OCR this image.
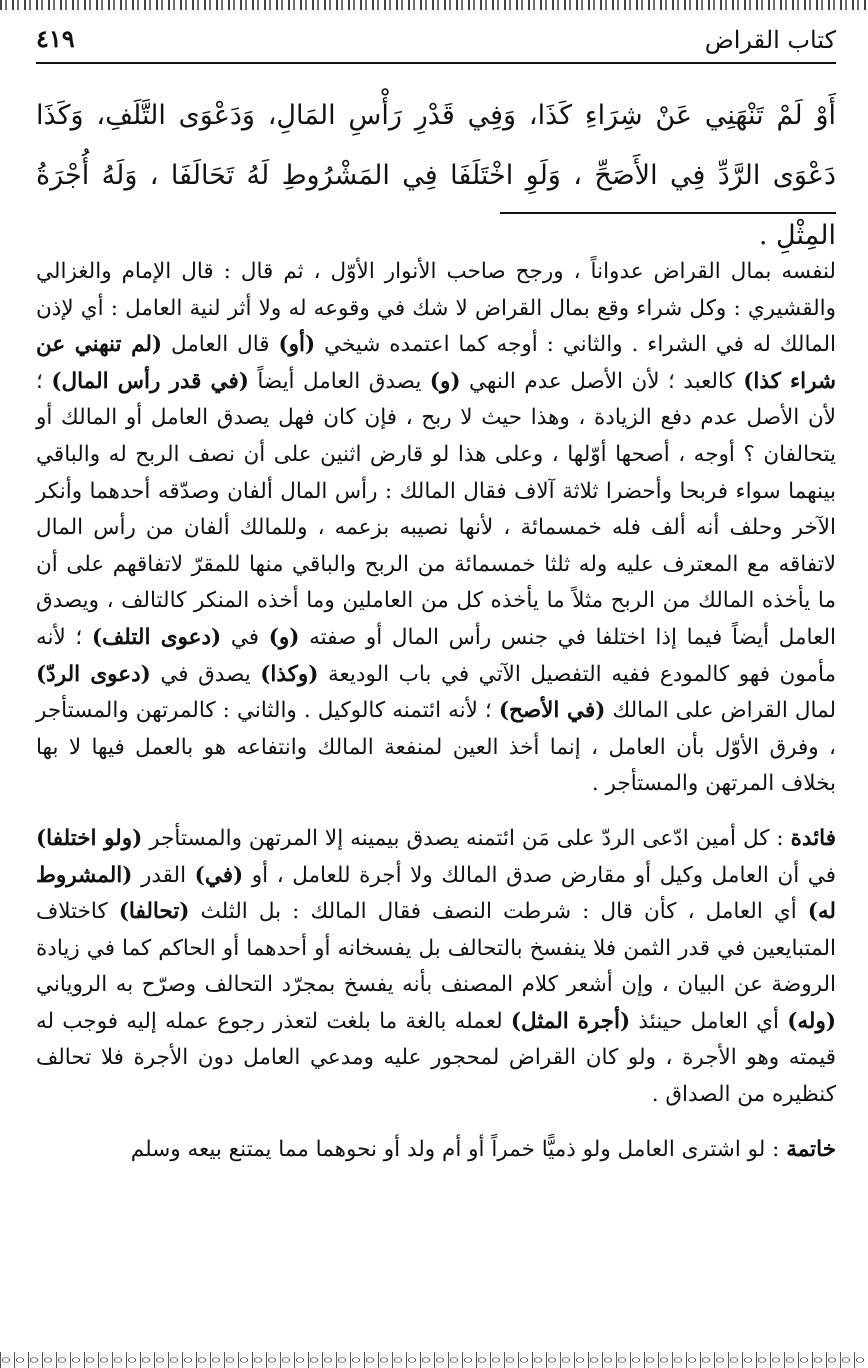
٤١٩	كتاب القراض
أَوْ لَمْ تَنْهَنِي عَنْ شِرَاءِ كَذَا، وَفِي قَدْرِ رَأْسِ المَالِ، وَدَعْوَى التَّلَفِ، وَكَذَا دَعْوَى الرَّدِّ فِي الأَصَحِّ ، وَلَوِ اخْتَلَفَا فِي المَشْرُوطِ لَهُ تَحَالَفَا ، وَلَهُ أُجْرَةُ المِثْلِ .

لنفسه بمال القراض عدواناً ، ورجح صاحب الأنوار الأوّل ، ثم قال : قال الإمام والغزالي والقشيري : وكل شراء وقع بمال القراض لا شك في وقوعه له ولا أثر لنية العامل : أي لإذن المالك له في الشراء . والثاني : أوجه كما اعتمده شيخي (أو) قال العامل (لم تنهني عن شراء كذا) كالعبد ؛ لأن الأصل عدم النهي (و) يصدق العامل أيضاً (في قدر رأس المال) ؛ لأن الأصل عدم دفع الزيادة ، وهذا حيث لا ربح ، فإن كان فهل يصدق العامل أو المالك أو يتحالفان ؟ أوجه ، أصحها أوّلها ، وعلى هذا لو قارض اثنين على أن نصف الربح له والباقي بينهما سواء فربحا وأحضرا ثلاثة آلاف فقال المالك : رأس المال ألفان وصدّقه أحدهما وأنكر الآخر وحلف أنه ألف فله خمسمائة ، لأنها نصيبه بزعمه ، وللمالك ألفان من رأس المال لاتفاقه مع المعترف عليه وله ثلثا خمسمائة من الربح والباقي منها للمقرّ لاتفاقهم على أن ما يأخذه المالك من الربح مثلاً ما يأخذه كل من العاملين وما أخذه المنكر كالتالف ، ويصدق العامل أيضاً فيما إذا اختلفا في جنس رأس المال أو صفته (و) في (دعوى التلف) ؛ لأنه مأمون فهو كالمودع ففيه التفصيل الآتي في باب الوديعة (وكذا) يصدق في (دعوى الردّ) لمال القراض على المالك (في الأصح) ؛ لأنه ائتمنه كالوكيل . والثاني : كالمرتهن والمستأجر ، وفرق الأوّل بأن العامل ، إنما أخذ العين لمنفعة المالك وانتفاعه هو بالعمل فيها لا بها بخلاف المرتهن والمستأجر .

فائدة : كل أمين ادّعى الردّ على مَن ائتمنه يصدق بيمينه إلا المرتهن والمستأجر (ولو اختلفا) في أن العامل وكيل أو مقارض صدق المالك ولا أجرة للعامل ، أو (في) القدر (المشروط له) أي العامل ، كأن قال : شرطت النصف فقال المالك : بل الثلث (تحالفا) كاختلاف المتبايعين في قدر الثمن فلا ينفسخ بالتحالف بل يفسخانه أو أحدهما أو الحاكم كما في زيادة الروضة عن البيان ، وإن أشعر كلام المصنف بأنه يفسخ بمجرّد التحالف وصرّح به الروياني (وله) أي العامل حينئذ (أجرة المثل) لعمله بالغة ما بلغت لتعذر رجوع عمله إليه فوجب له قيمته وهو الأجرة ، ولو كان القراض لمحجور عليه ومدعي العامل دون الأجرة فلا تحالف كنظيره من الصداق .

خاتمة : لو اشترى العامل ولو ذميًّا خمراً أو أم ولد أو نحوهما مما يمتنع بيعه وسلم
